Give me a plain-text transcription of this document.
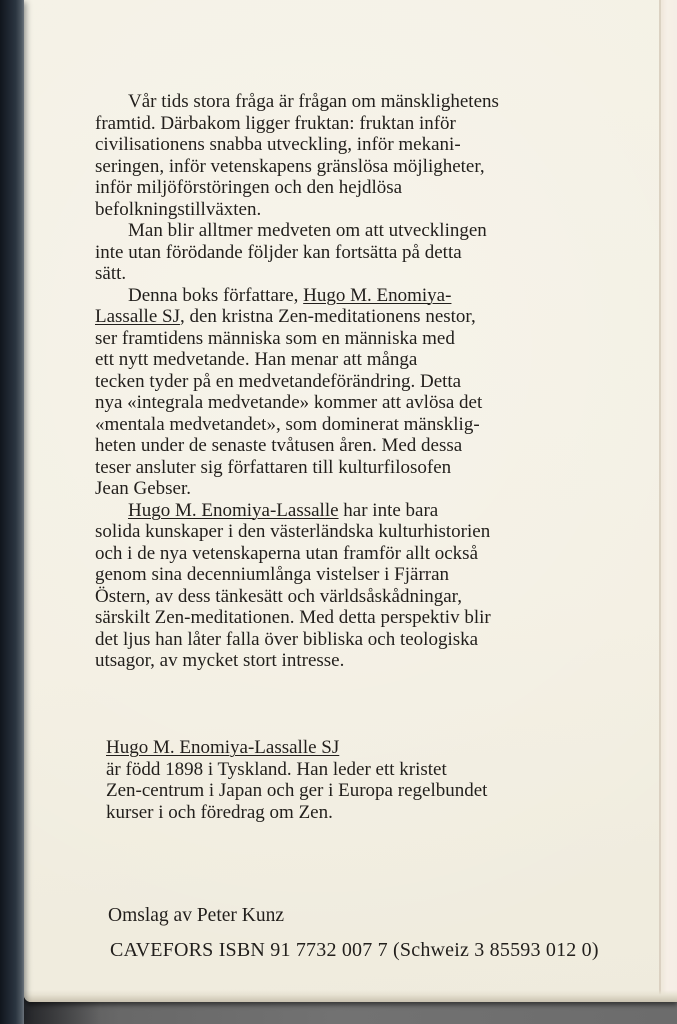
Vår tids stora fråga är frågan om mänsklighetens
framtid. Därbakom ligger fruktan: fruktan inför
civilisationens snabba utveckling, inför mekani-
seringen, inför vetenskapens gränslösa möjligheter,
inför miljöförstöringen och den hejdlösa
befolkningstillväxten.
Man blir alltmer medveten om att utvecklingen
inte utan förödande följder kan fortsätta på detta
sätt.
Denna boks författare, Hugo M. Enomiya-
Lassalle SJ, den kristna Zen-meditationens nestor,
ser framtidens människa som en människa med
ett nytt medvetande. Han menar att många
tecken tyder på en medvetandeförändring. Detta
nya «integrala medvetande» kommer att avlösa det
«mentala medvetandet», som dominerat mänsklig-
heten under de senaste tvåtusen åren. Med dessa
teser ansluter sig författaren till kulturfilosofen
Jean Gebser.
Hugo M. Enomiya-Lassalle har inte bara
solida kunskaper i den västerländska kulturhistorien
och i de nya vetenskaperna utan framför allt också
genom sina decenniumlånga vistelser i Fjärran
Östern, av dess tänkesätt och världsåskådningar,
särskilt Zen-meditationen. Med detta perspektiv blir
det ljus han låter falla över bibliska och teologiska
utsagor, av mycket stort intresse.
Hugo M. Enomiya-Lassalle SJ
är född 1898 i Tyskland. Han leder ett kristet
Zen-centrum i Japan och ger i Europa regelbundet
kurser i och föredrag om Zen.
Omslag av Peter Kunz
CAVEFORS ISBN 91 7732 007 7 (Schweiz 3 85593 012 0)
